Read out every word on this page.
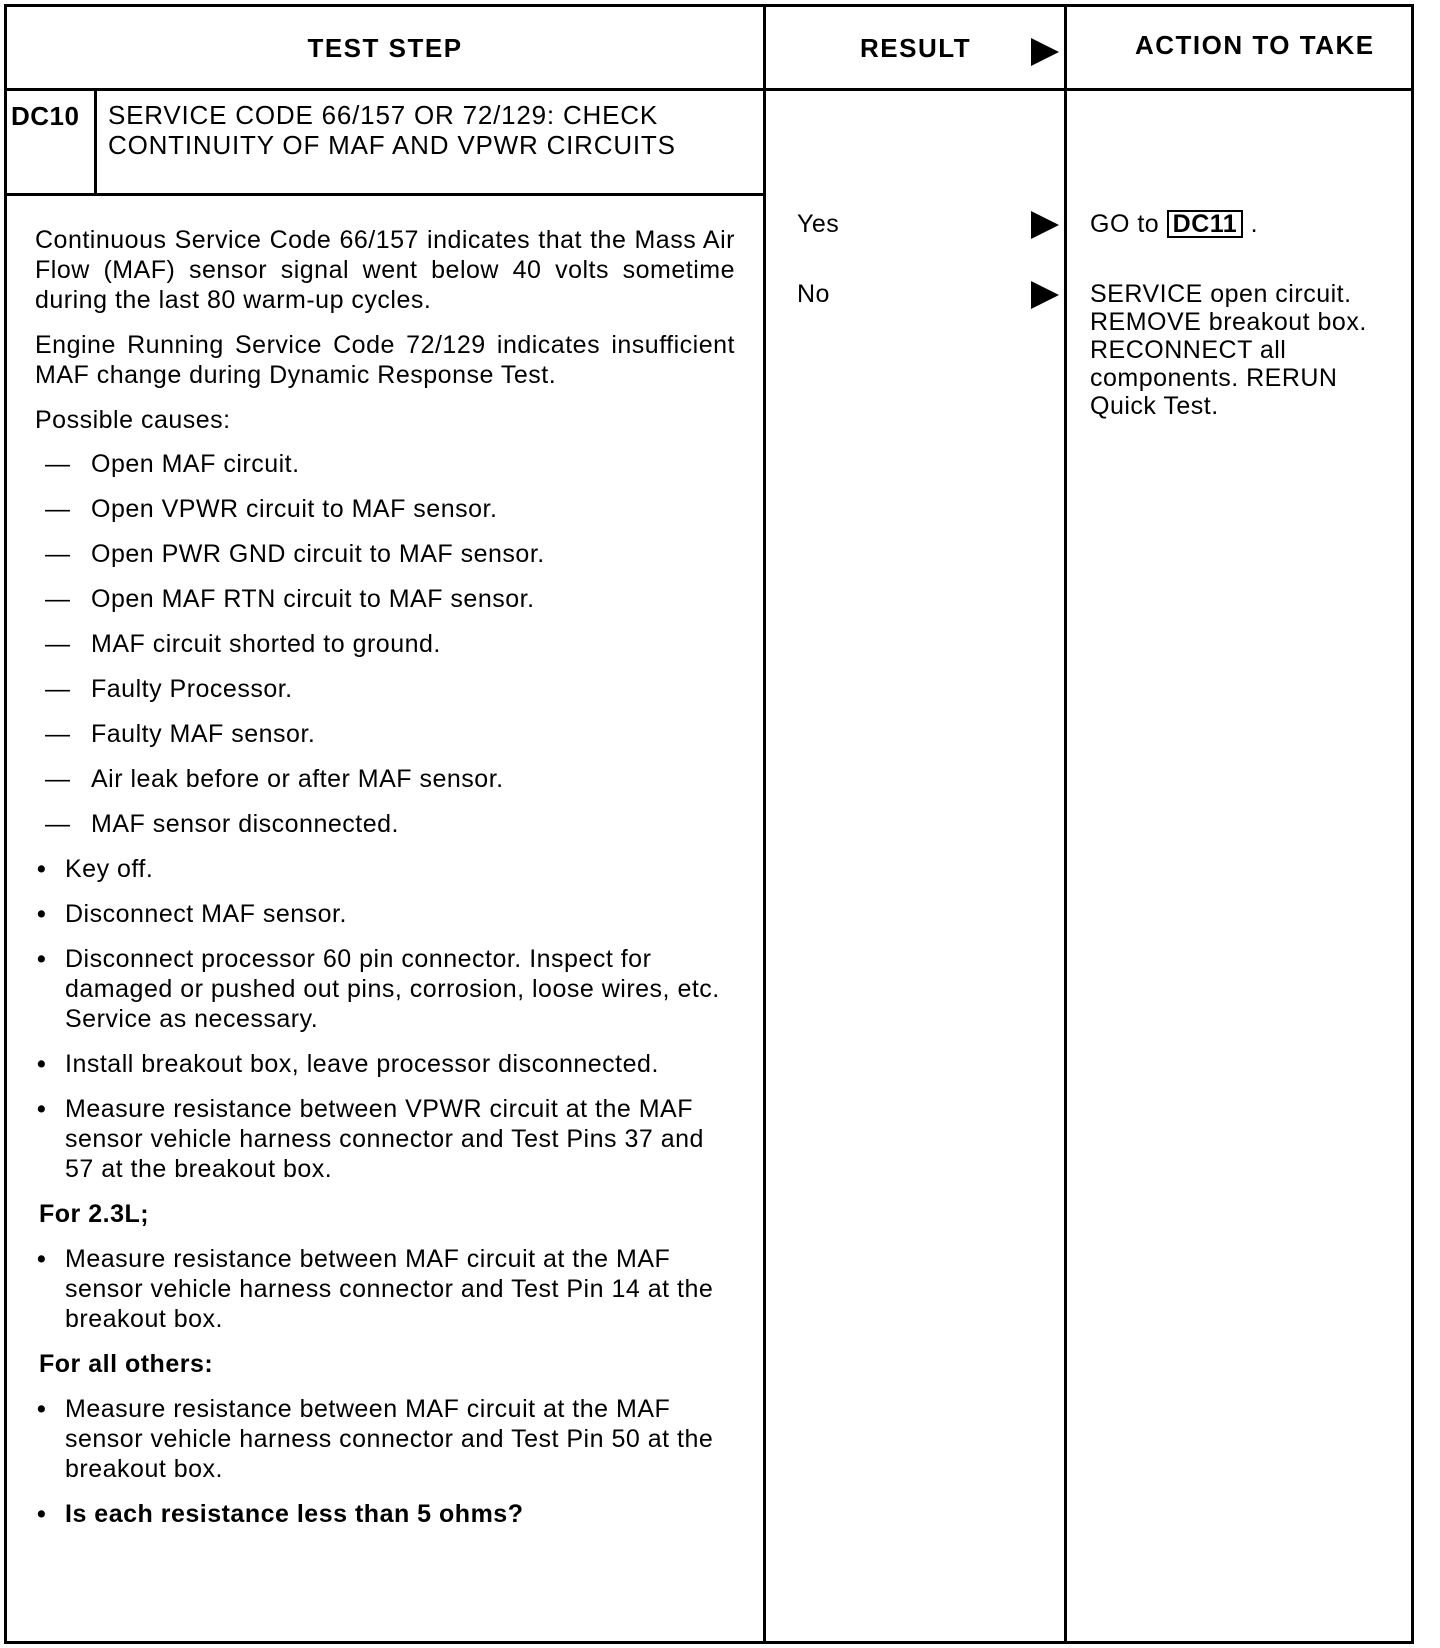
TEST STEP	RESULT	ACTION TO TAKE
DC10 SERVICE CODE 66/157 OR 72/129: CHECK CONTINUITY OF MAF AND VPWR CIRCUITS

Continuous Service Code 66/157 indicates that the Mass Air Flow (MAF) sensor signal went below 40 volts sometime during the last 80 warm-up cycles.

Engine Running Service Code 72/129 indicates insufficient MAF change during Dynamic Response Test.

Possible causes:

— Open MAF circuit.
— Open VPWR circuit to MAF sensor.
— Open PWR GND circuit to MAF sensor.
— Open MAF RTN circuit to MAF sensor.
— MAF circuit shorted to ground.
— Faulty Processor.
— Faulty MAF sensor.
— Air leak before or after MAF sensor.
— MAF sensor disconnected.
• Key off.
• Disconnect MAF sensor.
• Disconnect processor 60 pin connector. Inspect for damaged or pushed out pins, corrosion, loose wires, etc. Service as necessary.
• Install breakout box, leave processor disconnected.
• Measure resistance between VPWR circuit at the MAF sensor vehicle harness connector and Test Pins 37 and 57 at the breakout box.
For 2.3L;
• Measure resistance between MAF circuit at the MAF sensor vehicle harness connector and Test Pin 14 at the breakout box.
For all others:
• Measure resistance between MAF circuit at the MAF sensor vehicle harness connector and Test Pin 50 at the breakout box.
• Is each resistance less than 5 ohms?
Yes
No
GO to DC11 .
SERVICE open circuit.
REMOVE breakout box.
RECONNECT all
components. RERUN
Quick Test.
